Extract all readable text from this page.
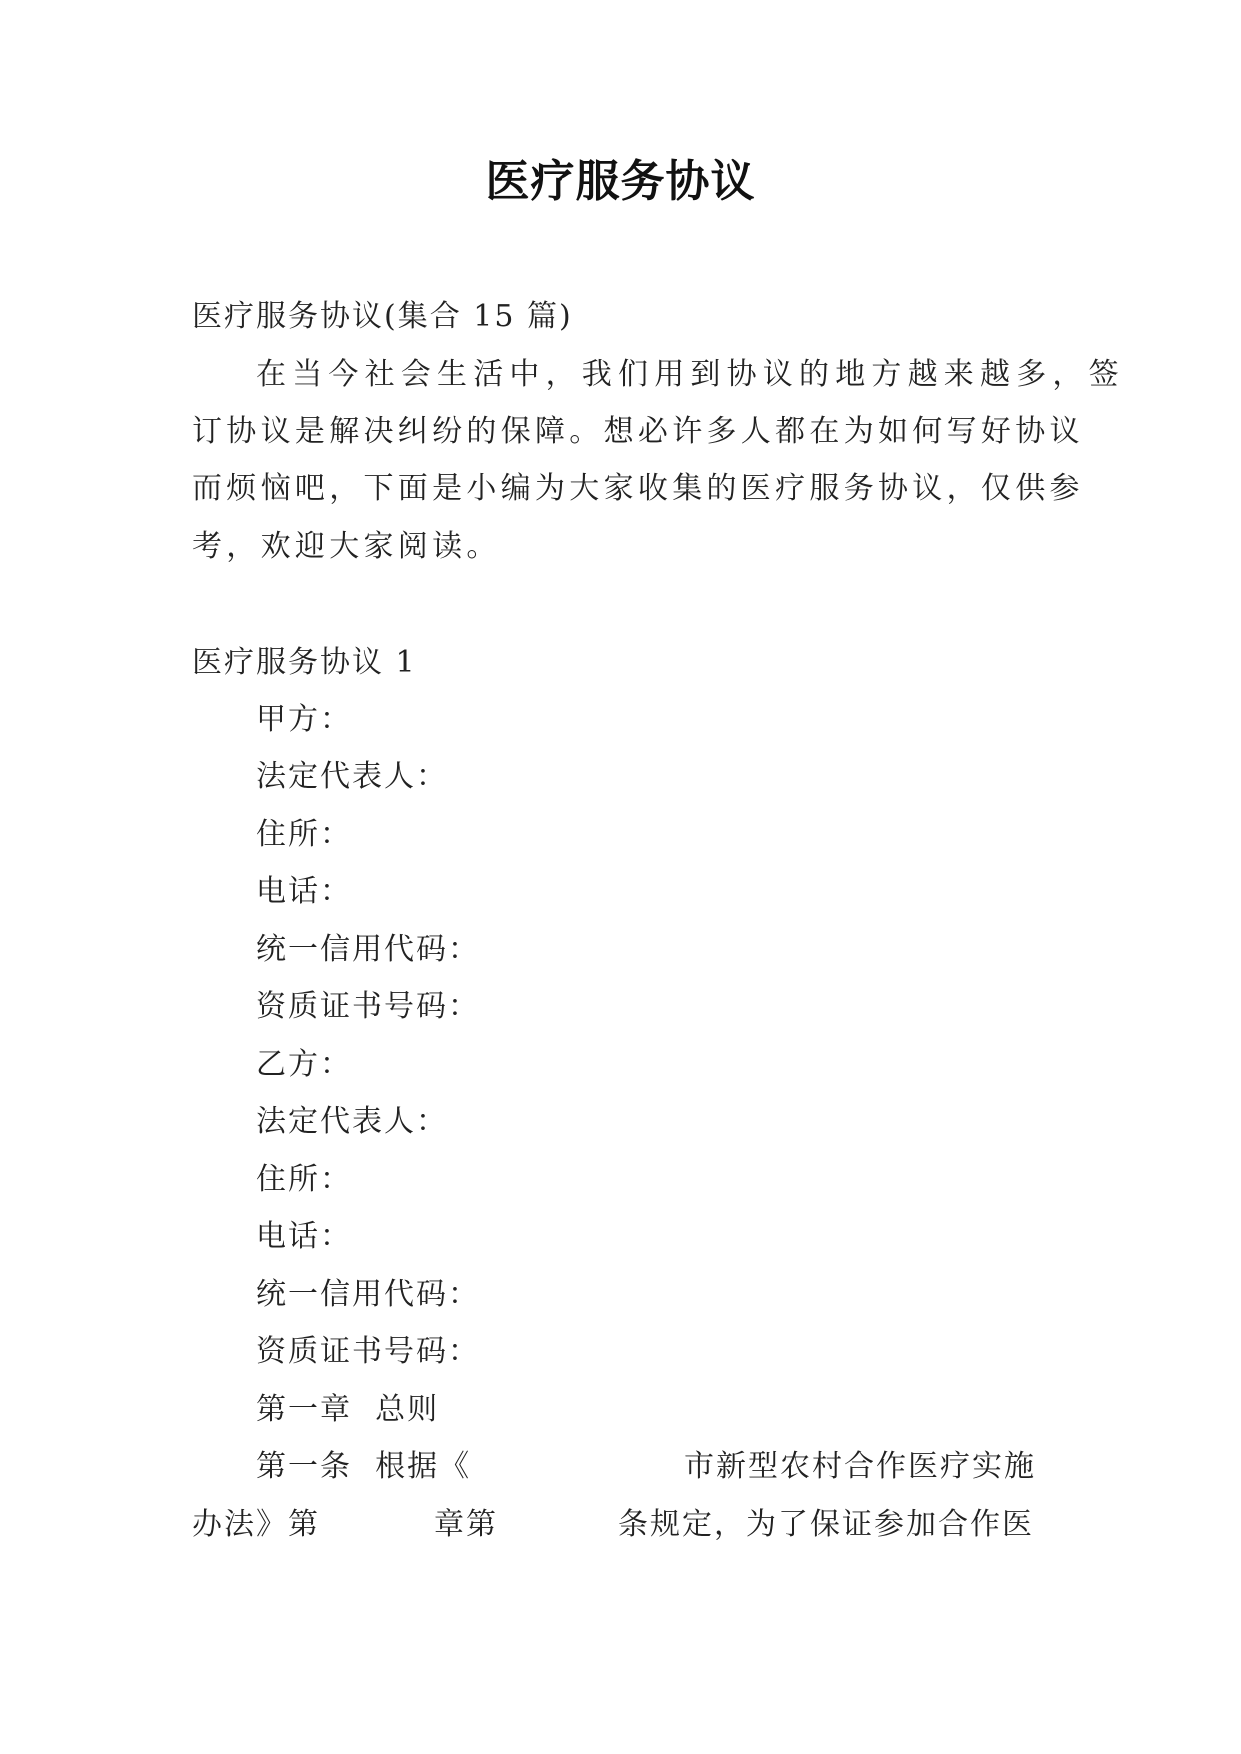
医疗服务协议
医疗服务协议(集合 15 篇)
在当今社会生活中，我们用到协议的地方越来越多，签
订协议是解决纠纷的保障。想必许多人都在为如何写好协议
而烦恼吧，下面是小编为大家收集的医疗服务协议，仅供参
考，欢迎大家阅读。
医疗服务协议 1
甲方：
法定代表人：
住所：
电话：
统一信用代码：
资质证书号码：
乙方：
法定代表人：
住所：
电话：
统一信用代码：
资质证书号码：
第一章  总则
第一条  根据《	市新型农村合作医疗实施
办法》第	章第	条规定，为了保证参加合作医
